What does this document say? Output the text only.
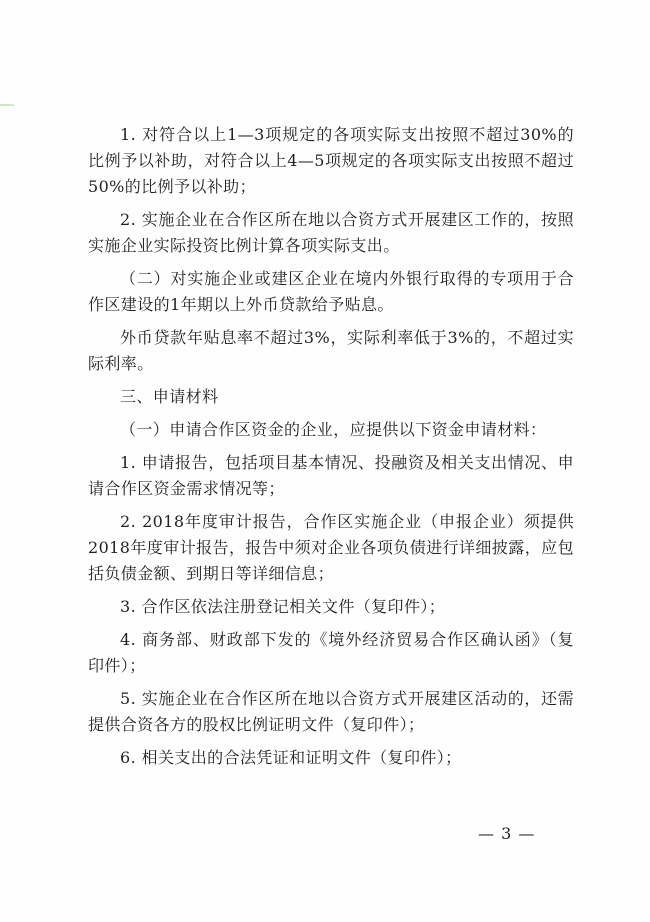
1. 对符合以上1—3项规定的各项实际支出按照不超过30%的比例予以补助，对符合以上4—5项规定的各项实际支出按照不超过50%的比例予以补助；

2. 实施企业在合作区所在地以合资方式开展建区工作的，按照实施企业实际投资比例计算各项实际支出。

（二）对实施企业或建区企业在境内外银行取得的专项用于合作区建设的1年期以上外币贷款给予贴息。

外币贷款年贴息率不超过3%，实际利率低于3%的，不超过实际利率。

三、申请材料

（一）申请合作区资金的企业，应提供以下资金申请材料：

1. 申请报告，包括项目基本情况、投融资及相关支出情况、申请合作区资金需求情况等；

2. 2018年度审计报告，合作区实施企业（申报企业）须提供2018年度审计报告，报告中须对企业各项负债进行详细披露，应包括负债金额、到期日等详细信息；

3. 合作区依法注册登记相关文件（复印件）；

4. 商务部、财政部下发的《境外经济贸易合作区确认函》（复印件）；

5. 实施企业在合作区所在地以合资方式开展建区活动的，还需提供合资各方的股权比例证明文件（复印件）；

6. 相关支出的合法凭证和证明文件（复印件）；

— 3 —
